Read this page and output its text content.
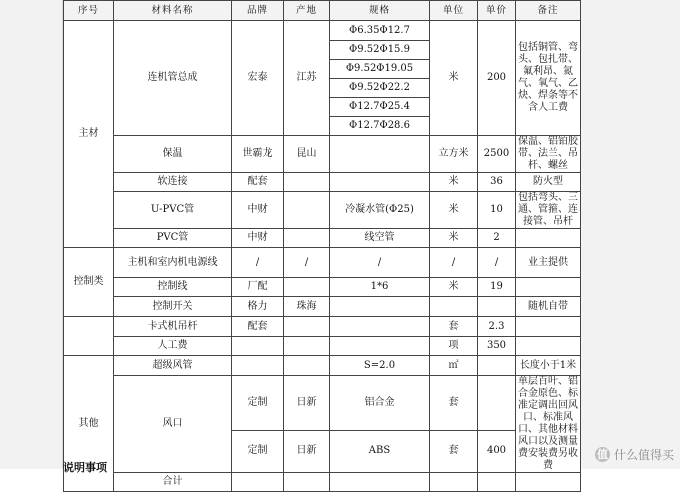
序号	材料名称	品牌	产地	规格	单位	单价	备注
主材	连机管总成	宏泰	江苏	Φ6.35Φ12.7	米	200	包括铜管、弯头、包扎带、氟利昂、氮气、氧气、乙炔、焊条等不含人工费
				Φ9.52Φ15.9			
				Φ9.52Φ19.05			
				Φ9.52Φ22.2			
				Φ12.7Φ25.4			
				Φ12.7Φ28.6			
	保温	世霸龙	昆山		立方米	2500	保温、铝铂胶带、法兰、吊杆、螺丝
	软连接	配套			米	36	防火型
	U-PVC管	中财		冷凝水管(Φ25)	米	10	包括弯头、三通、管箍、连接管、吊杆
	PVC管	中财		线空管	米	2	
控制类	主机和室内机电源线	/	/	/	/	/	业主提供
	控制线	厂配		1*6	米	19	
	控制开关	格力	珠海				随机自带
	卡式机吊杆	配套			套	2.3	
	人工费				项	350	
其他	超级风管			S=2.0	㎡		长度小于1米
	风口	定制	日新	铝合金	套		单层百叶、铝合金原色、标准定调出回风口、标准风口、其他材料风口以及测量费安装费另收费
		定制	日新	ABS	套	400	
	合计						
说明事项
值 什么值得买
